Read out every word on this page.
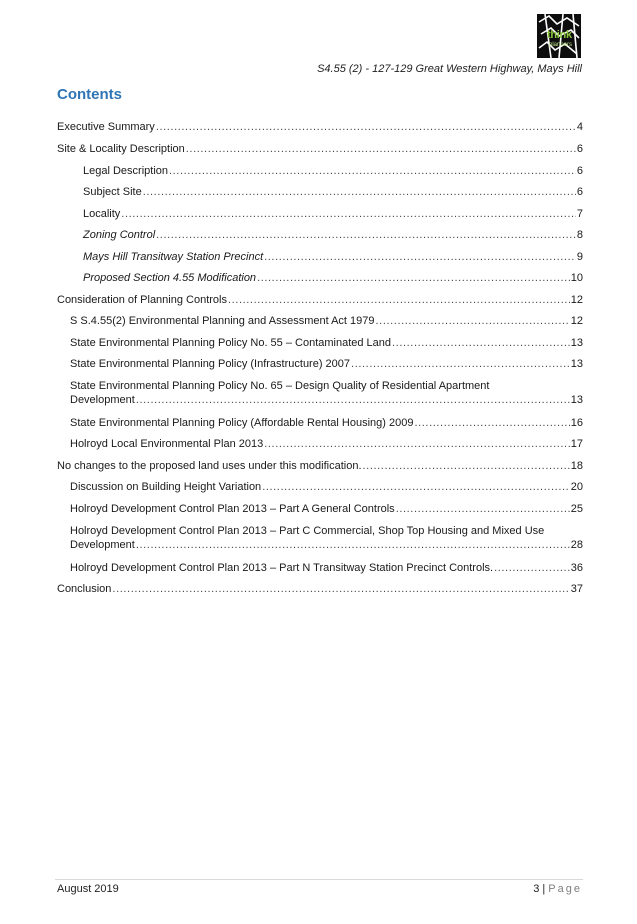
think
planners
S4.55 (2) - 127-129 Great Western Highway, Mays Hill
Contents
Executive Summary .....	4
Site & Locality Description .....	6
Legal Description .....	6
Subject Site .....	6
Locality .....	7
Zoning Control .....	8
Mays Hill Transitway Station Precinct .....	9
Proposed Section 4.55 Modification .....	10
Consideration of Planning Controls .....	12
S S.4.55(2) Environmental Planning and Assessment Act 1979 .....	12
State Environmental Planning Policy No. 55 – Contaminated Land .....	13
State Environmental Planning Policy (Infrastructure) 2007 .....	13
State Environmental Planning Policy No. 65 – Design Quality of Residential Apartment
Development .....	13
State Environmental Planning Policy (Affordable Rental Housing) 2009 .....	16
Holroyd Local Environmental Plan 2013 .....	17
No changes to the proposed land uses under this modification. .....	18
Discussion on Building Height Variation .....	20
Holroyd Development Control Plan 2013 – Part A General Controls .....	25
Holroyd Development Control Plan 2013 – Part C Commercial, Shop Top Housing and Mixed Use
Development .....	28
Holroyd Development Control Plan 2013 – Part N Transitway Station Precinct Controls. .....	36
Conclusion .....	37
August 2019	3 | Page
